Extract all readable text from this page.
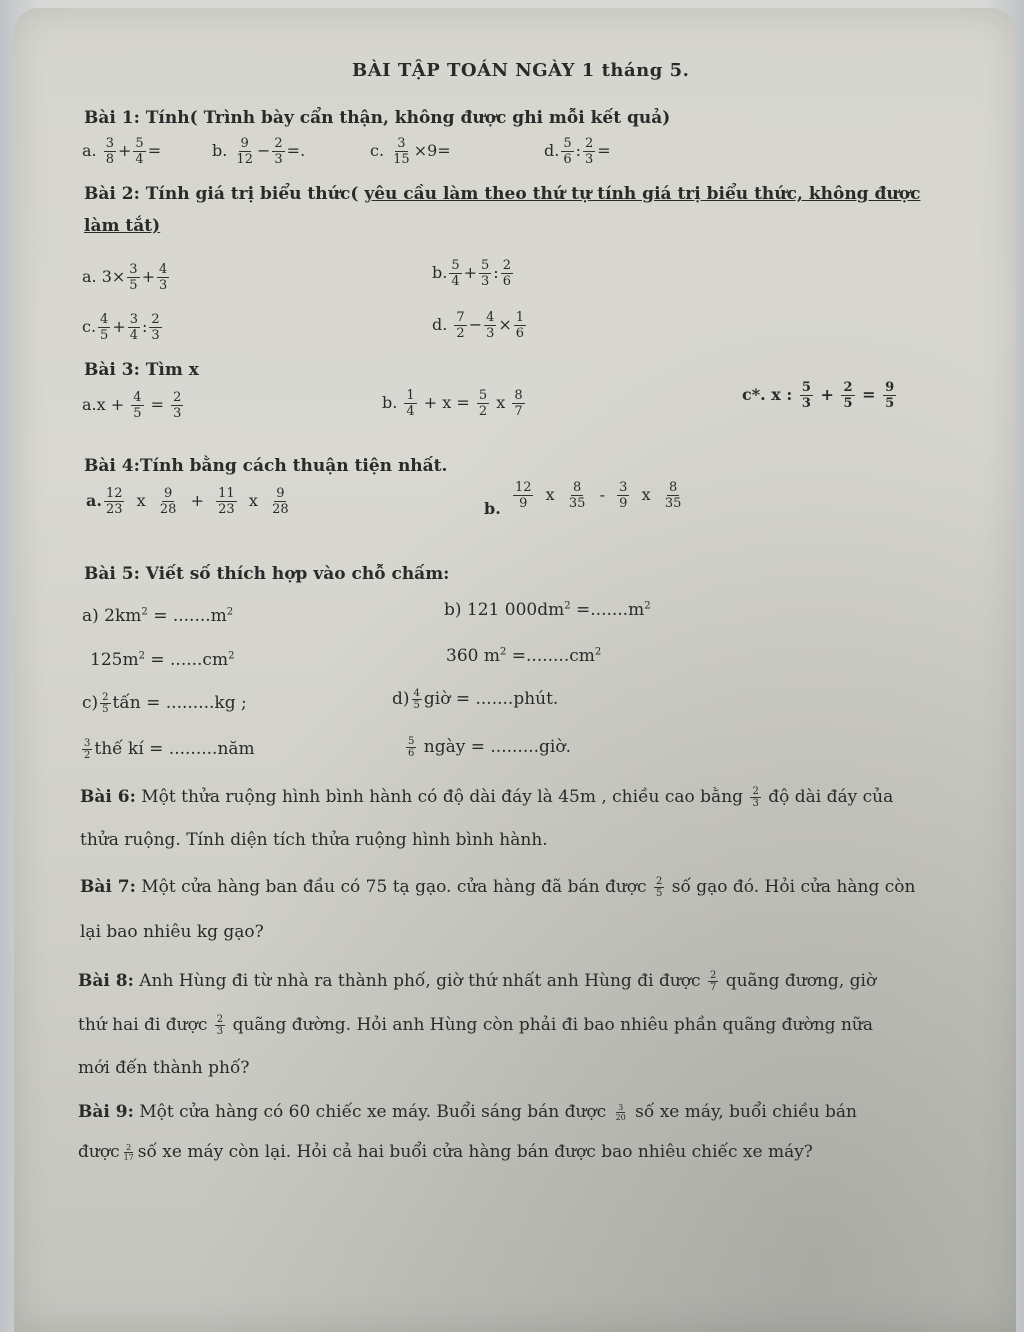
BÀI TẬP TOÁN NGÀY 1 tháng 5.
Bài 1: Tính( Trình bày cẩn thận, không được ghi mỗi kết quả)
a. $\frac{3}{8} + \frac{5}{4}$ =	b. $\frac{9}{12} - \frac{2}{3}$ =.	c. $\frac{3}{15} \times 9=$	d. $\frac{5}{6}$ : $\frac{2}{3}$ =
Bài 2: Tính giá trị biểu thức( yêu cầu làm theo thứ tự tính giá trị biểu thức, không được
làm tắt)
a. $3\times \frac{3}{5} + \frac{4}{3}$	b. $\frac{5}{4} + \frac{5}{3}$ : $\frac{2}{6}$
c. $\frac{4}{5} + \frac{3}{4}$ : $\frac{2}{3}$	d. $\frac{7}{2} - \frac{4}{3} \times \frac{1}{6}$
Bài 3: Tìm x
$a.x + \frac{4}{5} = \frac{2}{3}$	b. $\frac{1}{4} + x = \frac{5}{2}$ x $\frac{8}{7}$	c*. x : $\frac{5}{3} + \frac{2}{5} = \frac{9}{5}$
Bài 4:Tính bằng cách thuận tiện nhất.
a. $\frac{12}{23}$ x $\frac{9}{28} + \frac{11}{23}$ x $\frac{9}{28}$	b. $\frac{12}{9}$ x $\frac{8}{35} - \frac{3}{9}$ x $\frac{8}{35}$
Bài 5: Viết số thích hợp vào chỗ chấm:
a) $2km^2 = .......m^2$	b) 121 $000dm^2 =.......m^2$
$125m^2 = ......cm^2$	360 $m^2 =........cm^2$
$c) \frac{2}{5}$ tấn = .........kg ;	$d) \frac{4}{5}$ giờ = .......phút.
$\frac{3}{2}$ thế kí = .........năm	$\frac{5}{6}$ ngày = .........giờ.
Bài 6: Một thửa ruộng hình bình hành có độ dài đáy là 45m , chiều cao bằng $\frac{2}{3}$ độ dài đáy của
thửa ruộng. Tính diện tích thửa ruộng hình bình hành.
Bài 7: Một cửa hàng ban đầu có 75 tạ gạo. cửa hàng đã bán được $\frac{2}{5}$ số gạo đó. Hỏi cửa hàng còn
lại bao nhiêu kg gạo?
Bài 8: Anh Hùng đi từ nhà ra thành phố, giờ thứ nhất anh Hùng đi được $\frac{2}{7}$ quãng đương, giờ
thứ hai đi được $\frac{2}{3}$ quãng đường. Hỏi anh Hùng còn phải đi bao nhiêu phần quãng đường nữa
mới đến thành phố?
Bài 9: Một cửa hàng có 60 chiếc xe máy. Buổi sáng bán được $\frac{3}{20}$ số xe máy, buổi chiều bán
được $\frac{2}{17}$ số xe máy còn lại. Hỏi cả hai buổi cửa hàng bán được bao nhiêu chiếc xe máy?
